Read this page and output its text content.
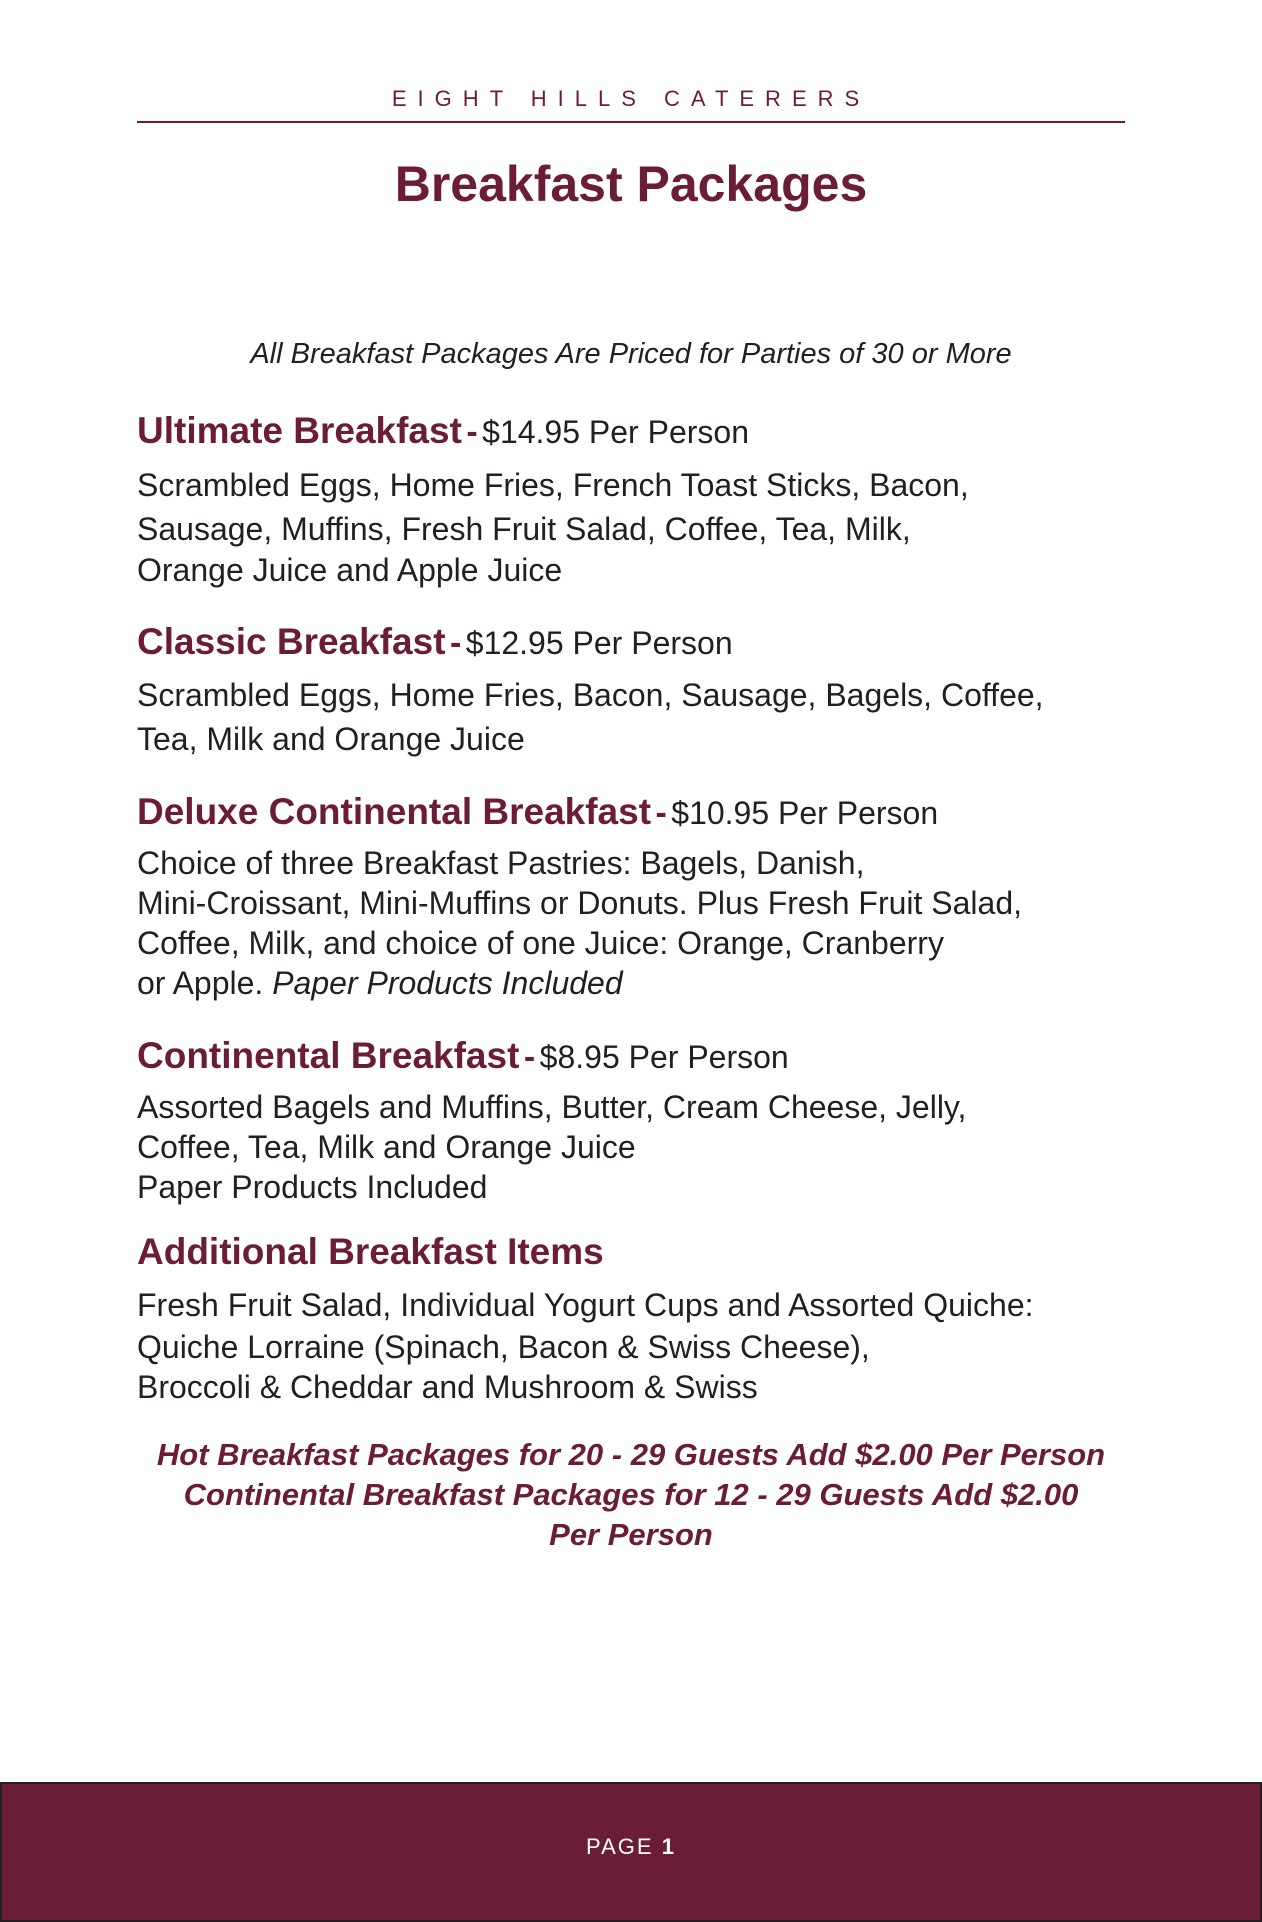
EIGHT HILLS CATERERS
Breakfast Packages
All Breakfast Packages Are Priced for Parties of 30 or More

Ultimate Breakfast - $14.95 Per Person

Scrambled Eggs, Home Fries, French Toast Sticks, Bacon,

Sausage, Muffins, Fresh Fruit Salad, Coffee, Tea, Milk,

Orange Juice and Apple Juice

Classic Breakfast - $12.95 Per Person

Scrambled Eggs, Home Fries, Bacon, Sausage, Bagels, Coffee,

Tea, Milk and Orange Juice

Deluxe Continental Breakfast - $10.95 Per Person

Choice of three Breakfast Pastries: Bagels, Danish,

Mini-Croissant, Mini-Muffins or Donuts. Plus Fresh Fruit Salad,

Coffee, Milk, and choice of one Juice: Orange, Cranberry

or Apple. Paper Products Included

Continental Breakfast - $8.95 Per Person

Assorted Bagels and Muffins, Butter, Cream Cheese, Jelly,

Coffee, Tea, Milk and Orange Juice

Paper Products Included

Additional Breakfast Items

Fresh Fruit Salad, Individual Yogurt Cups and Assorted Quiche:

Quiche Lorraine (Spinach, Bacon & Swiss Cheese),

Broccoli & Cheddar and Mushroom & Swiss

Hot Breakfast Packages for 20 - 29 Guests Add $2.00 Per Person
Continental Breakfast Packages for 12 - 29 Guests Add $2.00
Per Person
PAGE 1
